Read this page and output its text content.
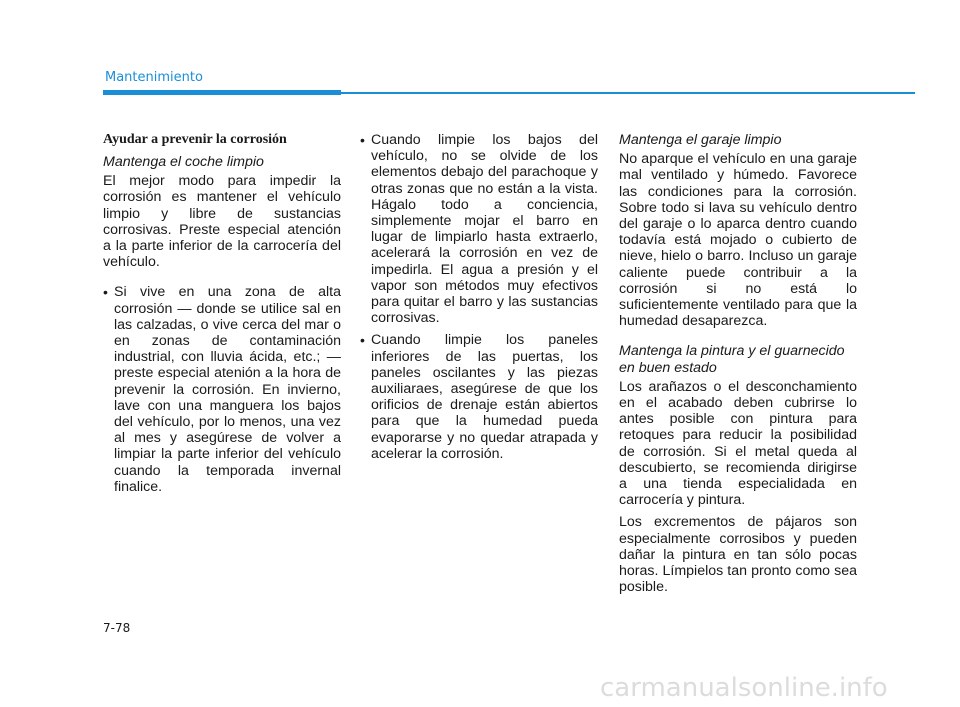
Mantenimiento
Ayudar a prevenir la corrosión
Mantenga el coche limpio

El mejor modo para impedir la corrosión es mantener el vehículo limpio y libre de sustancias corrosivas. Preste especial atención a la parte inferior de la carrocería del vehículo.

• Si vive en una zona de alta corrosión — donde se utilice sal en las calzadas, o vive cerca del mar o en zonas de contaminación industrial, con lluvia ácida, etc.; — preste especial atenión a la hora de prevenir la corrosión. En invierno, lave con una manguera los bajos del vehículo, por lo menos, una vez al mes y asegúrese de volver a limpiar la parte inferior del vehículo cuando la temporada invernal finalice.

• Cuando limpie los bajos del vehículo, no se olvide de los elementos debajo del parachoque y otras zonas que no están a la vista. Hágalo todo a conciencia, simplemente mojar el barro en lugar de limpiarlo hasta extraerlo, acelerará la corrosión en vez de impedirla. El agua a presión y el vapor son métodos muy efectivos para quitar el barro y las sustancias corrosivas.

• Cuando limpie los paneles inferiores de las puertas, los paneles oscilantes y las piezas auxiliaraes, asegúrese de que los orificios de drenaje están abiertos para que la humedad pueda evaporarse y no quedar atrapada y acelerar la corrosión.

Mantenga el garaje limpio

No aparque el vehículo en una garaje mal ventilado y húmedo. Favorece las condiciones para la corrosión. Sobre todo si lava su vehículo dentro del garaje o lo aparca dentro cuando todavía está mojado o cubierto de nieve, hielo o barro. Incluso un garaje caliente puede contribuir a la corrosión si no está lo suficientemente ventilado para que la humedad desaparezca.

Mantenga la pintura y el guarnecido en buen estado

Los arañazos o el desconchamiento en el acabado deben cubrirse lo antes posible con pintura para retoques para reducir la posibilidad de corrosión. Si el metal queda al descubierto, se recomienda dirigirse a una tienda especialidada en carrocería y pintura.

Los excrementos de pájaros son especialmente corrosibos y pueden dañar la pintura en tan sólo pocas horas. Límpielos tan pronto como sea posible.

7-78
carmanualsonline.info
